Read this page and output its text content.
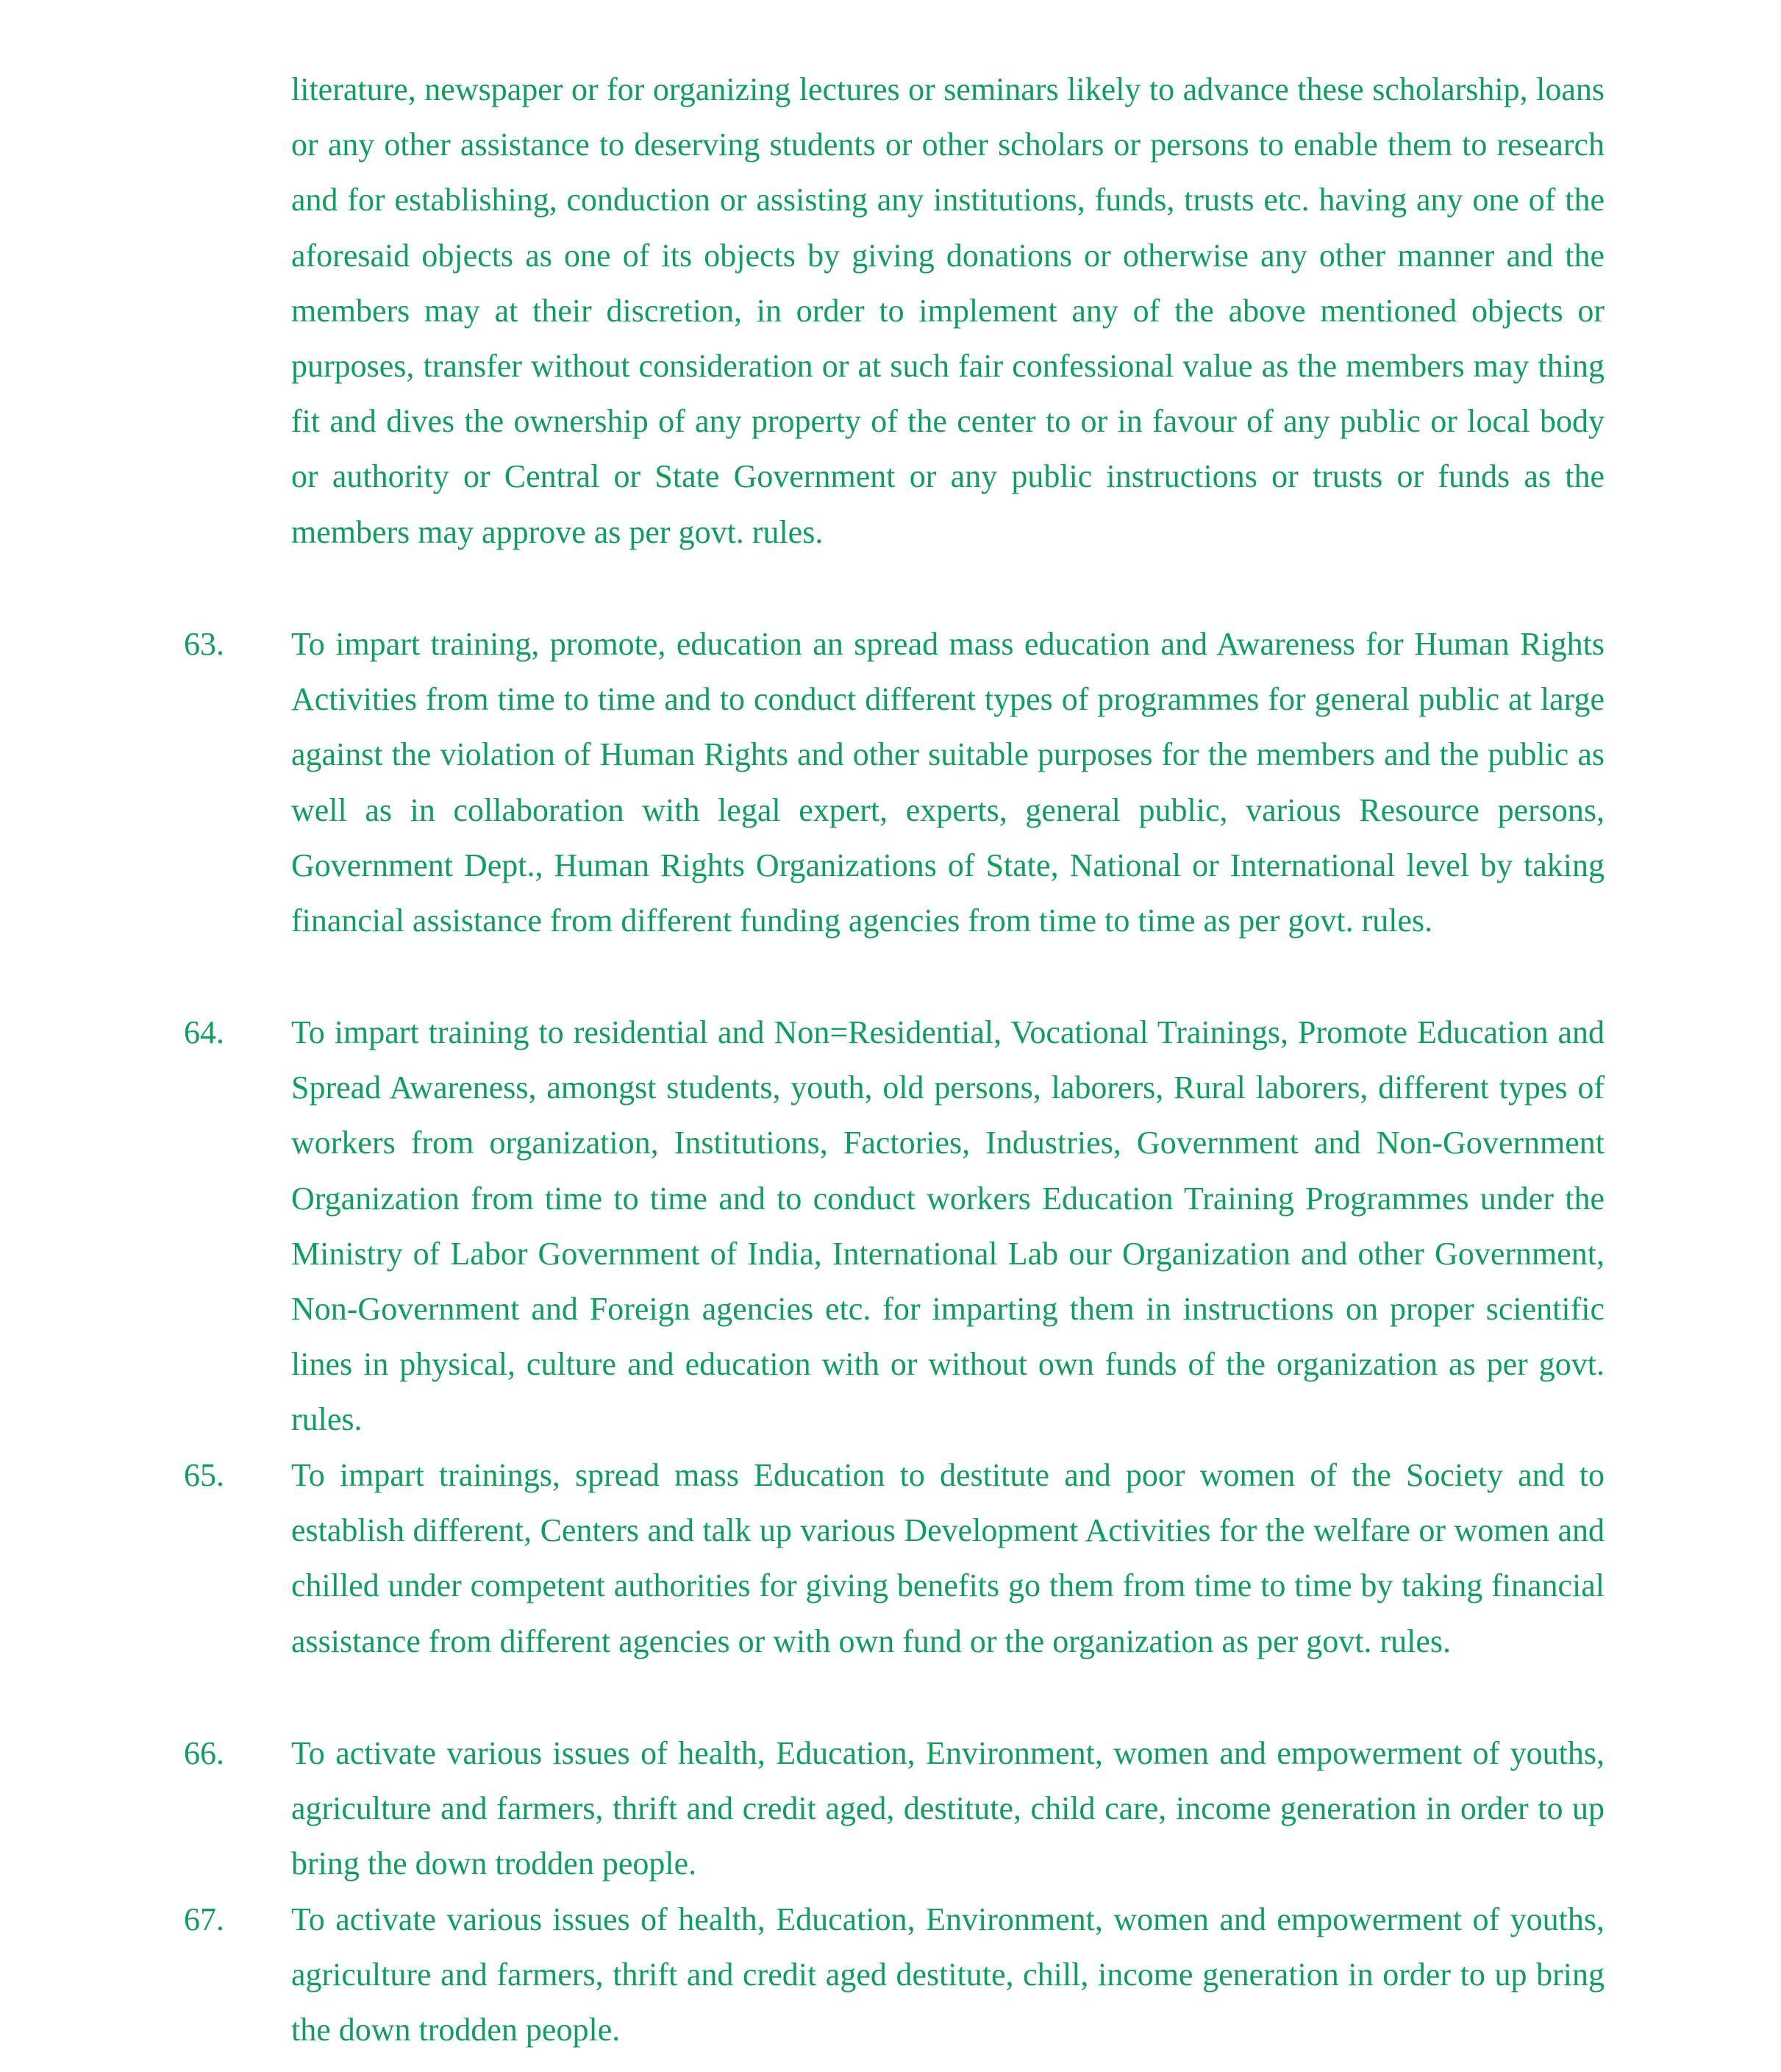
literature, newspaper or for organizing lectures or seminars likely to advance these scholarship, loans or any other assistance to deserving students or other scholars or persons to enable them to research and for establishing, conduction or assisting any institutions, funds, trusts etc. having any one of the aforesaid objects as one of its objects by giving donations or otherwise any other manner and the members may at their discretion, in order to implement any of the above mentioned objects or purposes, transfer without consideration or at such fair confessional value as the members may thing fit and dives the ownership of any property of the center to or in favour of any public or local body or authority or Central or State Government or any public instructions or trusts or funds as the members may approve as per govt. rules.

63.	To impart training, promote, education an spread mass education and Awareness for Human Rights Activities from time to time and to conduct different types of programmes for general public at large against the violation of Human Rights and other suitable purposes for the members and the public as well as in collaboration with legal expert, experts, general public, various Resource persons, Government Dept., Human Rights Organizations of State, National or International level by taking financial assistance from different funding agencies from time to time as per govt. rules.

64.	To impart training to residential and Non=Residential, Vocational Trainings, Promote Education and Spread Awareness, amongst students, youth, old persons, laborers, Rural laborers, different types of workers from organization, Institutions, Factories, Industries, Government and Non-Government Organization from time to time and to conduct workers Education Training Programmes under the Ministry of Labor Government of India, International Lab our Organization and other Government, Non-Government and Foreign agencies etc. for imparting them in instructions on proper scientific lines in physical, culture and education with or without own funds of the organization as per govt. rules.

65.	To impart trainings, spread mass Education to destitute and poor women of the Society and to establish different, Centers and talk up various Development Activities for the welfare or women and chilled under competent authorities for giving benefits go them from time to time by taking financial assistance from different agencies or with own fund or the organization as per govt. rules.

66.	To activate various issues of health, Education, Environment, women and empowerment of youths, agriculture and farmers, thrift and credit aged, destitute, child care, income generation in order to up bring the down trodden people.

67.	To activate various issues of health, Education, Environment, women and empowerment of youths, agriculture and farmers, thrift and credit aged destitute, chill, income generation in order to up bring the down trodden people.
